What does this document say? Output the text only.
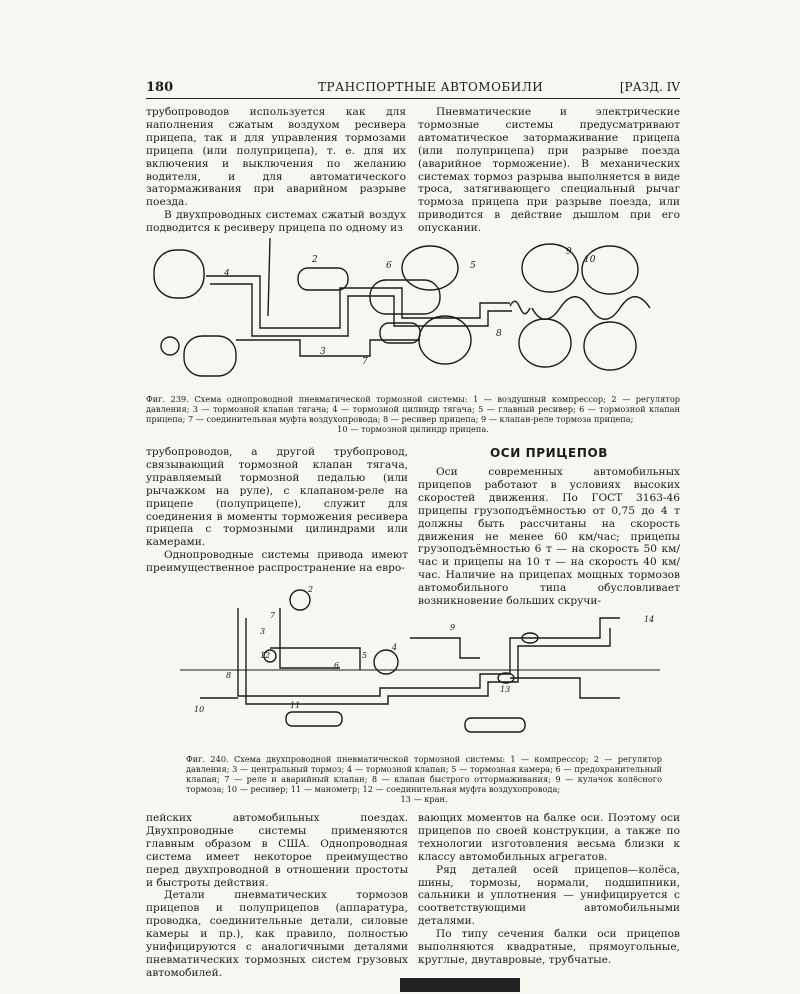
180	ТРАНСПОРТНЫЕ АВТОМОБИЛИ	[РАЗД. IV

трубопроводов используется как для наполнения сжатым воздухом ресивера прицепа, так и для управления тормозами прицепа (или полуприцепа), т. е. для их включения и выключения по желанию водителя, и для автоматического затормаживания при аварийном разрыве поезда.

В двухпроводных системах сжатый воздух подводится к ресиверу прицепа по одному из

Пневматические и электрические тормозные системы предусматривают автоматическое затормаживание прицепа (или полуприцепа) при разрыве поезда (аварийное торможение). В механических системах тормоз разрыва выполняется в виде троса, затягивающего специальный рычаг тормоза прицепа при разрыве поезда, или приводится в действие дышлом при его опускании.

2
3
4
5
6
7
8
9
10
Фиг. 239. Схема однопроводной пневматической тормозной системы: 1 — воздушный компрессор; 2 — регулятор давления; 3 — тормозной клапан тягача; 4 — тормозной цилиндр тягача; 5 — главный ресивер; 6 — тормозной клапан прицепа; 7 — соединительная муфта воздухопровода; 8 — ресивер прицепа; 9 — клапан-реле тормоза прицепа;
10 — тормозной цилиндр прицепа.

трубопроводов, а другой трубопровод, связывающий тормозной клапан тягача, управляемый тормозной педалью (или рычажком на руле), с клапаном-реле на прицепе (полуприцепе), служит для соединения в моменты торможения ресивера прицепа с тормозными цилиндрами или камерами.

Однопроводные системы привода имеют преимущественное распространение на евро-

ОСИ ПРИЦЕПОВ

Оси современных автомобильных прицепов работают в условиях высоких скоростей движения. По ГОСТ 3163-46 прицепы грузоподъёмностью от 0,75 до 4 т должны быть рассчитаны на скорость движения не менее 60 км/час; прицепы грузоподъёмностью 6 т — на скорость 50 км/час и прицепы на 10 т — на скорость 40 км/час. Наличие на прицепах мощных тормозов автомобильного типа обусловливает возникновение больших скручи-

2
3
4
5
6
7
8
9
10	11
12
13
14
Фиг. 240. Схема двухпроводной пневматической тормозной системы: 1 — компрессор; 2 — регулятор давления; 3 — центральный тормоз; 4 — тормозной клапан; 5 — тормозная камера; 6 — предохранительный клапан; 7 — реле и аварийный клапан; 8 — клапан быстрого оттормаживания; 9 — кулачок колёсного тормоза; 10 — ресивер; 11 — манометр; 12 — соединительная муфта воздухопровода;
13 — кран.

пейских автомобильных поездах. Двухпроводные системы применяются главным образом в США. Однопроводная система имеет некоторое преимущество перед двухпроводной в отношении простоты и быстроты действия.

Детали пневматических тормозов прицепов и полуприцепов (аппаратура, проводка, соединительные детали, силовые камеры и пр.), как правило, полностью унифицируются с аналогичными деталями пневматических тормозных систем грузовых автомобилей.

вающих моментов на балке оси. Поэтому оси прицепов по своей конструкции, а также по технологии изготовления весьма близки к классу автомобильных агрегатов.

Ряд деталей осей прицепов—колёса, шины, тормозы, нормали, подшипники, сальники и уплотнения — унифицируется с соответствующими автомобильными деталями.

По типу сечения балки оси прицепов выполняются квадратные, прямоугольные, круглые, двутавровые, трубчатые.
